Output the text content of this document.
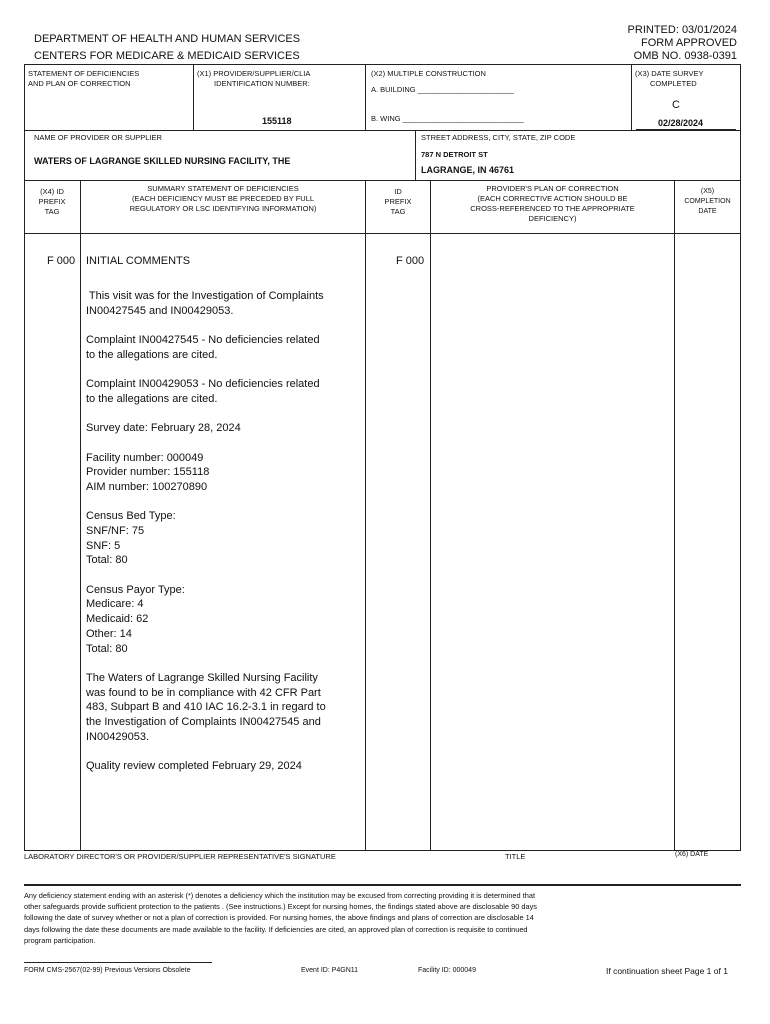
DEPARTMENT OF HEALTH AND HUMAN SERVICES
CENTERS FOR MEDICARE & MEDICAID SERVICES
PRINTED: 03/01/2024
FORM APPROVED
OMB NO. 0938-0391
STATEMENT OF DEFICIENCIES
AND PLAN OF CORRECTION
(X1) PROVIDER/SUPPLIER/CLIA
IDENTIFICATION NUMBER:
155118
(X2) MULTIPLE CONSTRUCTION
A. BUILDING _______________________
B. WING _____________________________
(X3) DATE SURVEY
COMPLETED
C
02/28/2024
NAME OF PROVIDER OR SUPPLIER
WATERS OF LAGRANGE SKILLED NURSING FACILITY, THE
STREET ADDRESS, CITY, STATE, ZIP CODE
787 N DETROIT ST
LAGRANGE, IN 46761
(X4) ID
PREFIX
TAG
SUMMARY STATEMENT OF DEFICIENCIES
(EACH DEFICIENCY MUST BE PRECEDED BY FULL
REGULATORY OR LSC IDENTIFYING INFORMATION)
ID
PREFIX
TAG
PROVIDER'S PLAN OF CORRECTION
(EACH CORRECTIVE ACTION SHOULD BE
CROSS-REFERENCED TO THE APPROPRIATE
DEFICIENCY)
(X5)
COMPLETION
DATE
F 000	F 000
INITIAL COMMENTS
This visit was for the Investigation of Complaints
IN00427545 and IN00429053.
Complaint IN00427545 - No deficiencies related
to the allegations are cited.
Complaint IN00429053 - No deficiencies related
to the allegations are cited.
Survey date: February 28, 2024
Facility number: 000049
Provider number: 155118
AIM number: 100270890
Census Bed Type:
SNF/NF: 75
SNF: 5
Total: 80
Census Payor Type:
Medicare: 4
Medicaid: 62
Other: 14
Total: 80
The Waters of Lagrange Skilled Nursing Facility
was found to be in compliance with 42 CFR Part
483, Subpart B and 410 IAC 16.2-3.1 in regard to
the Investigation of Complaints IN00427545 and
IN00429053.
Quality review completed February 29, 2024
LABORATORY DIRECTOR'S OR PROVIDER/SUPPLIER REPRESENTATIVE'S SIGNATURE	TITLE	(X6) DATE
Any deficiency statement ending with an asterisk (*) denotes a deficiency which the institution may be excused from correcting providing it is determined that
other safeguards provide sufficient protection to the patients . (See instructions.) Except for nursing homes, the findings stated above are disclosable 90 days
following the date of survey whether or not a plan of correction is provided. For nursing homes, the above findings and plans of correction are disclosable 14
days following the date these documents are made available to the facility. If deficiencies are cited, an approved plan of correction is requisite to continued
program participation.
FORM CMS-2567(02-99) Previous Versions Obsolete	Event ID: P4GN11	Facility ID: 000049	If continuation sheet Page 1 of 1
